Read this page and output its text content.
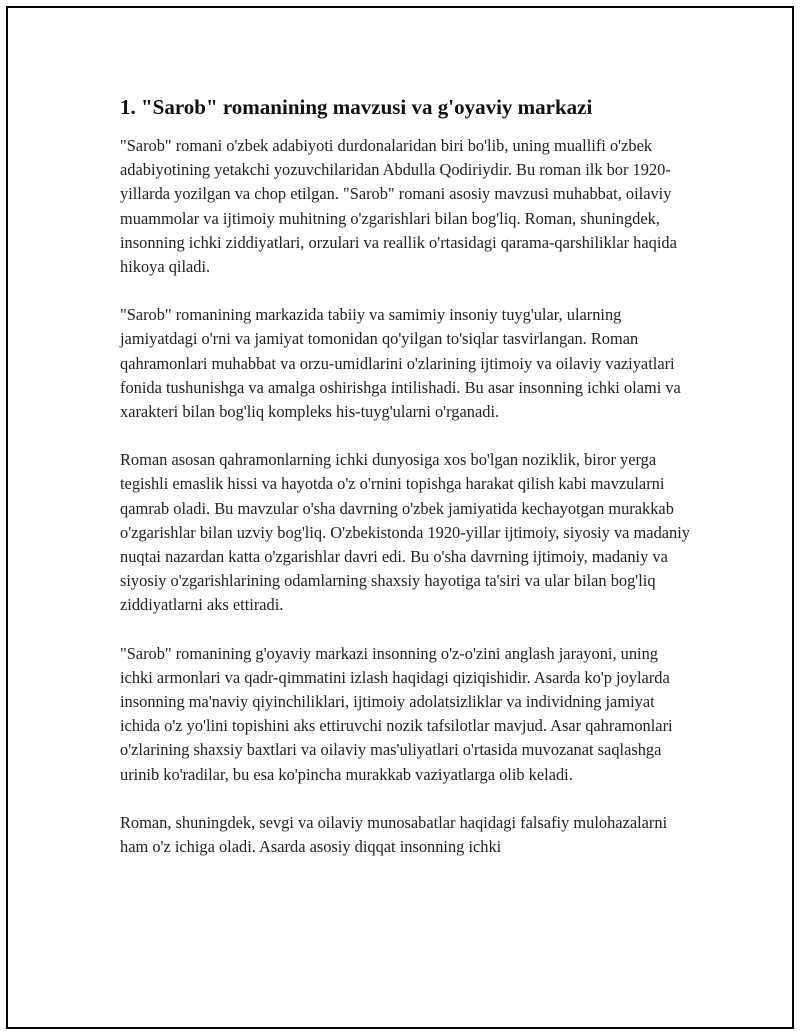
1. "Sarob" romanining mavzusi va g'oyaviy markazi

"Sarob" romani o'zbek adabiyoti durdonalaridan biri bo'lib, uning muallifi o'zbek adabiyotining yetakchi yozuvchilaridan Abdulla Qodiriydir. Bu roman ilk bor 1920-yillarda yozilgan va chop etilgan. "Sarob" romani asosiy mavzusi muhabbat, oilaviy muammolar va ijtimoiy muhitning o'zgarishlari bilan bog'liq. Roman, shuningdek, insonning ichki ziddiyatlari, orzulari va reallik o'rtasidagi qarama-qarshiliklar haqida hikoya qiladi.

"Sarob" romanining markazida tabiiy va samimiy insoniy tuyg'ular, ularning jamiyatdagi o'rni va jamiyat tomonidan qo'yilgan to'siqlar tasvirlangan. Roman qahramonlari muhabbat va orzu-umidlarini o'zlarining ijtimoiy va oilaviy vaziyatlari fonida tushunishga va amalga oshirishga intilishadi. Bu asar insonning ichki olami va xarakteri bilan bog'liq kompleks his-tuyg'ularni o'rganadi.

Roman asosan qahramonlarning ichki dunyosiga xos bo'lgan noziklik, biror yerga tegishli emaslik hissi va hayotda o'z o'rnini topishga harakat qilish kabi mavzularni qamrab oladi. Bu mavzular o'sha davrning o'zbek jamiyatida kechayotgan murakkab o'zgarishlar bilan uzviy bog'liq. O'zbekistonda 1920-yillar ijtimoiy, siyosiy va madaniy nuqtai nazardan katta o'zgarishlar davri edi. Bu o'sha davrning ijtimoiy, madaniy va siyosiy o'zgarishlarining odamlarning shaxsiy hayotiga ta'siri va ular bilan bog'liq ziddiyatlarni aks ettiradi.

"Sarob" romanining g'oyaviy markazi insonning o'z-o'zini anglash jarayoni, uning ichki armonlari va qadr-qimmatini izlash haqidagi qiziqishidir. Asarda ko'p joylarda insonning ma'naviy qiyinchiliklari, ijtimoiy adolatsizliklar va individning jamiyat ichida o'z yo'lini topishini aks ettiruvchi nozik tafsilotlar mavjud. Asar qahramonlari o'zlarining shaxsiy baxtlari va oilaviy mas'uliyatlari o'rtasida muvozanat saqlashga urinib ko'radilar, bu esa ko'pincha murakkab vaziyatlarga olib keladi.

Roman, shuningdek, sevgi va oilaviy munosabatlar haqidagi falsafiy mulohazalarni ham o'z ichiga oladi. Asarda asosiy diqqat insonning ichki
